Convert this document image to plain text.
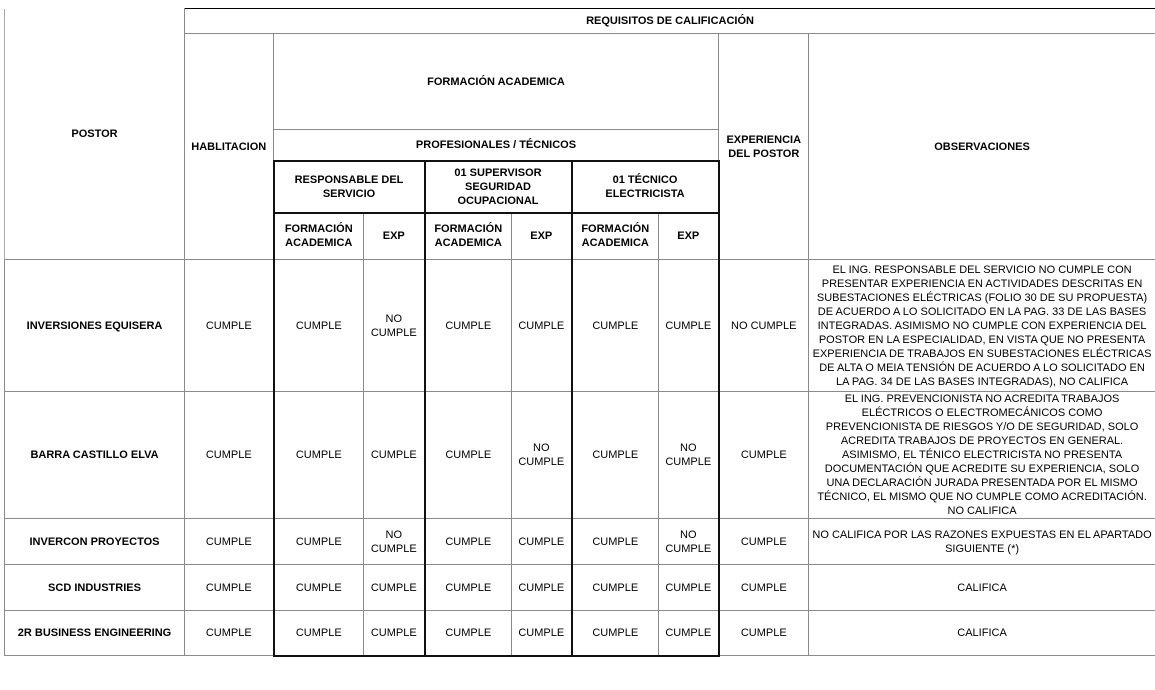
POSTOR	REQUISITOS DE CALIFICACIÓN								
	HABLITACION	FORMACIÓN ACADEMICA						EXPERIENCIA DEL POSTOR	OBSERVACIONES
		PROFESIONALES / TÉCNICOS							
		RESPONSABLE DEL SERVICIO		01 SUPERVISOR SEGURIDAD OCUPACIONAL		01 TÉCNICO ELECTRICISTA			
		FORMACIÓN ACADEMICA	EXP	FORMACIÓN ACADEMICA	EXP	FORMACIÓN ACADEMICA	EXP		
INVERSIONES EQUISERA	CUMPLE	CUMPLE	NO CUMPLE	CUMPLE	CUMPLE	CUMPLE	CUMPLE	NO CUMPLE	EL ING. RESPONSABLE DEL SERVICIO NO CUMPLE CON PRESENTAR EXPERIENCIA EN ACTIVIDADES DESCRITAS EN SUBESTACIONES ELÉCTRICAS (FOLIO 30 DE SU PROPUESTA) DE ACUERDO A LO SOLICITADO EN LA PAG. 33 DE LAS BASES INTEGRADAS. ASIMISMO NO CUMPLE CON EXPERIENCIA DEL POSTOR EN LA ESPECIALIDAD, EN VISTA QUE NO PRESENTA EXPERIENCIA DE TRABAJOS EN SUBESTACIONES ELÉCTRICAS DE ALTA O MEIA TENSIÓN DE ACUERDO A LO SOLICITADO EN LA PAG. 34 DE LAS BASES INTEGRADAS), NO CALIFICA
BARRA CASTILLO ELVA	CUMPLE	CUMPLE	CUMPLE	CUMPLE	NO CUMPLE	CUMPLE	NO CUMPLE	CUMPLE	EL ING. PREVENCIONISTA NO ACREDITA TRABAJOS ELÉCTRICOS O ELECTROMECÁNICOS COMO PREVENCIONISTA DE RIESGOS Y/O DE SEGURIDAD, SOLO ACREDITA TRABAJOS DE PROYECTOS EN GENERAL. ASIMISMO, EL TÉNICO ELECTRICISTA NO PRESENTA DOCUMENTACIÓN QUE ACREDITE SU EXPERIENCIA, SOLO UNA DECLARACIÓN JURADA PRESENTADA POR EL MISMO TÉCNICO, EL MISMO QUE NO CUMPLE COMO ACREDITACIÓN. NO CALIFICA
INVERCON PROYECTOS	CUMPLE	CUMPLE	NO CUMPLE	CUMPLE	CUMPLE	CUMPLE	NO CUMPLE	CUMPLE	NO CALIFICA POR LAS RAZONES EXPUESTAS EN EL APARTADO SIGUIENTE (*)
SCD INDUSTRIES	CUMPLE	CUMPLE	CUMPLE	CUMPLE	CUMPLE	CUMPLE	CUMPLE	CUMPLE	CALIFICA
2R BUSINESS ENGINEERING	CUMPLE	CUMPLE	CUMPLE	CUMPLE	CUMPLE	CUMPLE	CUMPLE	CUMPLE	CALIFICA
